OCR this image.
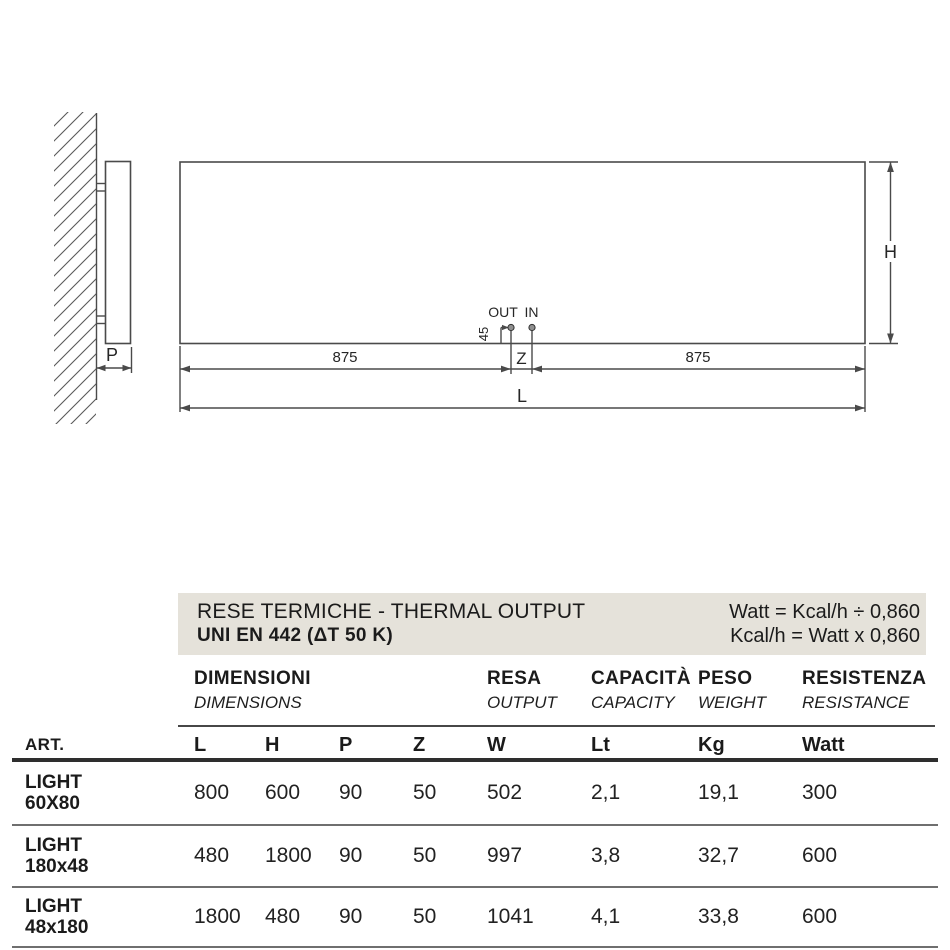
P
OUT IN
45
Z
875	875
L
H
RESE TERMICHE - THERMAL OUTPUT
UNI EN 442 (ΔT 50 K)
Watt = Kcal/h ÷ 0,860
Kcal/h = Watt x 0,860
DIMENSIONI
DIMENSIONS
RESA
OUTPUT
CAPACITÀ
CAPACITY
PESO
WEIGHT
RESISTENZA
RESISTANCE
ART.	L	H	P	Z	W	Lt	Kg	Watt
LIGHT
60X80	800	600	90	50	502	2,1	19,1	300
LIGHT
180x48	480	1800	90	50	997	3,8	32,7	600
LIGHT
48x180	1800	480	90	50	1041	4,1	33,8	600
